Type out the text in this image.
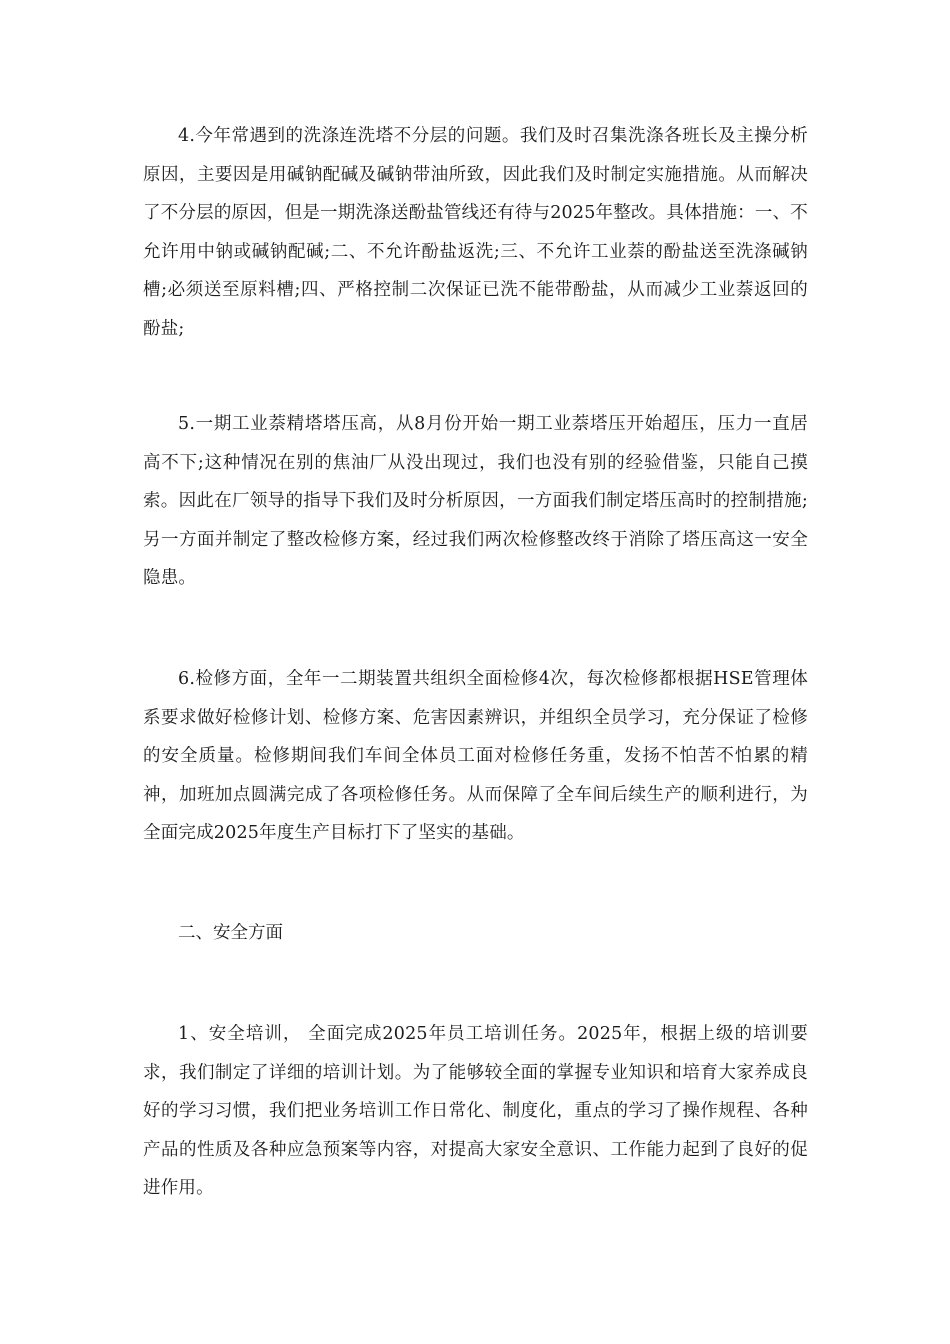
4.今年常遇到的洗涤连洗塔不分层的问题。我们及时召集洗涤各班长及主操分析原因，主要因是用碱钠配碱及碱钠带油所致，因此我们及时制定实施措施。从而解决了不分层的原因，但是一期洗涤送酚盐管线还有待与2025年整改。具体措施：一、不允许用中钠或碱钠配碱;二、不允许酚盐返洗;三、不允许工业萘的酚盐送至洗涤碱钠槽;必须送至原料槽;四、严格控制二次保证已洗不能带酚盐，从而减少工业萘返回的酚盐;

5.一期工业萘精塔塔压高，从8月份开始一期工业萘塔压开始超压，压力一直居高不下;这种情况在别的焦油厂从没出现过，我们也没有别的经验借鉴，只能自己摸索。因此在厂领导的指导下我们及时分析原因，一方面我们制定塔压高时的控制措施;另一方面并制定了整改检修方案，经过我们两次检修整改终于消除了塔压高这一安全隐患。

6.检修方面，全年一二期装置共组织全面检修4次，每次检修都根据HSE管理体系要求做好检修计划、检修方案、危害因素辨识，并组织全员学习，充分保证了检修的安全质量。检修期间我们车间全体员工面对检修任务重，发扬不怕苦不怕累的精神，加班加点圆满完成了各项检修任务。从而保障了全车间后续生产的顺利进行，为全面完成2025年度生产目标打下了坚实的基础。

二、安全方面

1、安全培训， 全面完成2025年员工培训任务。2025年，根据上级的培训要求，我们制定了详细的培训计划。为了能够较全面的掌握专业知识和培育大家养成良好的学习习惯，我们把业务培训工作日常化、制度化，重点的学习了操作规程、各种产品的性质及各种应急预案等内容，对提高大家安全意识、工作能力起到了良好的促进作用。
